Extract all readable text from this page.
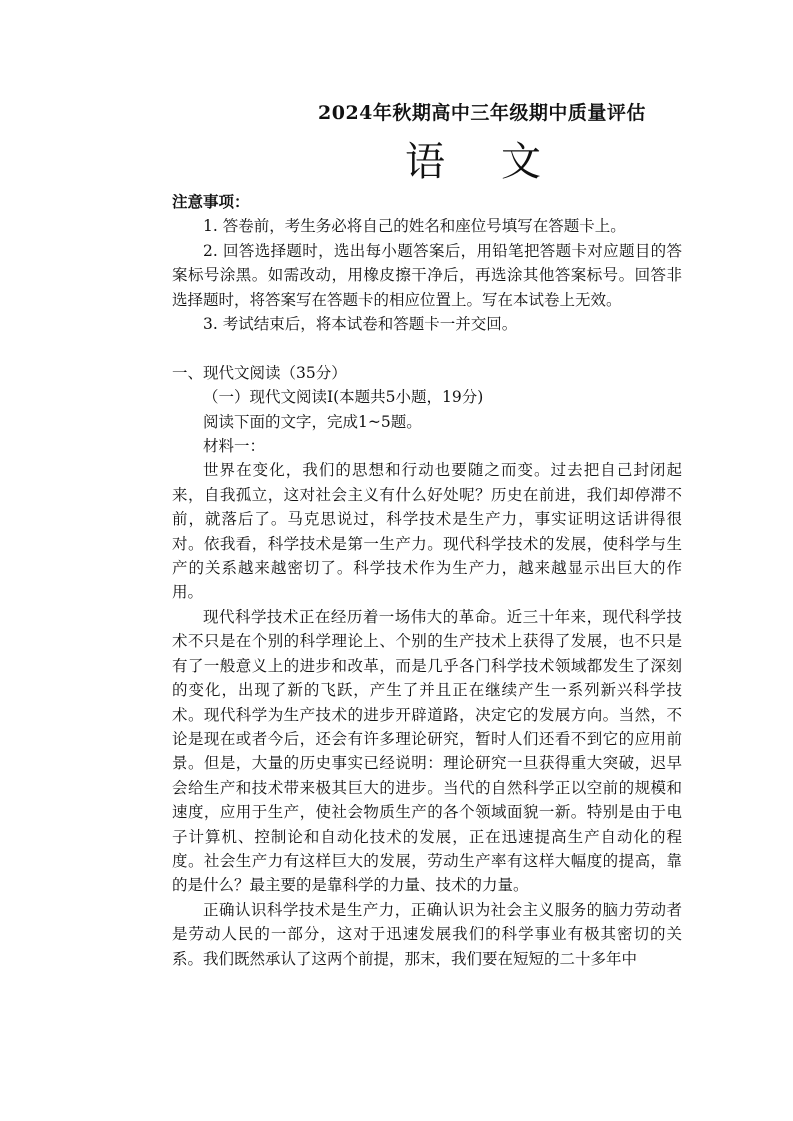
2024年秋期高中三年级期中质量评估
语文

注意事项：

1. 答卷前，考生务必将自己的姓名和座位号填写在答题卡上。

2. 回答选择题时，选出每小题答案后，用铅笔把答题卡对应题目的答案标号涂黑。如需改动，用橡皮擦干净后，再选涂其他答案标号。回答非选择题时，将答案写在答题卡的相应位置上。写在本试卷上无效。

3. 考试结束后，将本试卷和答题卡一并交回。

一、现代文阅读（35分）

（一）现代文阅读I(本题共5小题，19分)

阅读下面的文字，完成1~5题。

材料一：

世界在变化，我们的思想和行动也要随之而变。过去把自己封闭起来，自我孤立，这对社会主义有什么好处呢？历史在前进，我们却停滞不前，就落后了。马克思说过，科学技术是生产力，事实证明这话讲得很对。依我看，科学技术是第一生产力。现代科学技术的发展，使科学与生产的关系越来越密切了。科学技术作为生产力，越来越显示出巨大的作用。

现代科学技术正在经历着一场伟大的革命。近三十年来，现代科学技术不只是在个别的科学理论上、个别的生产技术上获得了发展，也不只是有了一般意义上的进步和改革，而是几乎各门科学技术领域都发生了深刻的变化，出现了新的飞跃，产生了并且正在继续产生一系列新兴科学技术。现代科学为生产技术的进步开辟道路，决定它的发展方向。当然，不论是现在或者今后，还会有许多理论研究，暂时人们还看不到它的应用前景。但是，大量的历史事实已经说明：理论研究一旦获得重大突破，迟早会给生产和技术带来极其巨大的进步。当代的自然科学正以空前的规模和速度，应用于生产，使社会物质生产的各个领域面貌一新。特别是由于电子计算机、控制论和自动化技术的发展，正在迅速提高生产自动化的程度。社会生产力有这样巨大的发展，劳动生产率有这样大幅度的提高，靠的是什么？最主要的是靠科学的力量、技术的力量。

正确认识科学技术是生产力，正确认识为社会主义服务的脑力劳动者是劳动人民的一部分，这对于迅速发展我们的科学事业有极其密切的关系。我们既然承认了这两个前提，那末，我们要在短短的二十多年中
